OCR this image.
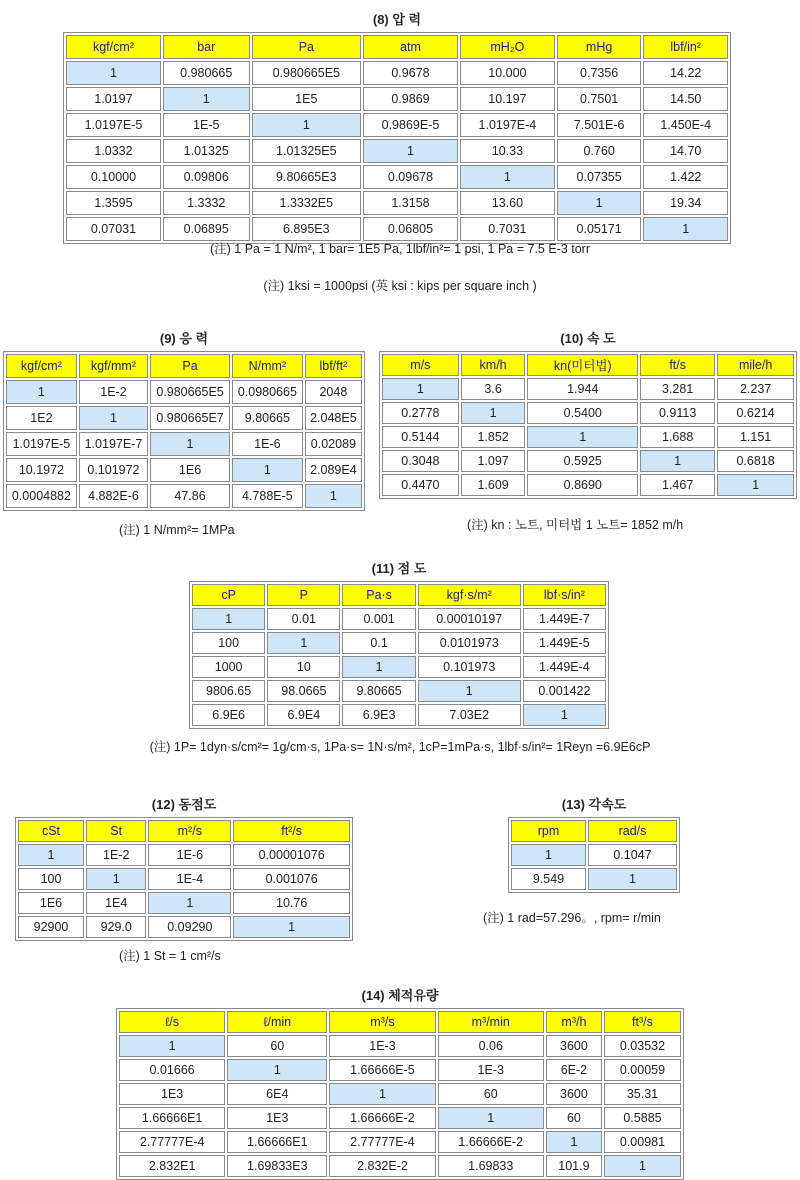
(8) 압 력
kgf/cm²	bar	Pa	atm	mH₂O	mHg	lbf/in²
1	0.980665	0.980665E5	0.9678	10.000	0.7356	14.22
1.0197	1	1E5	0.9869	10.197	0.7501	14.50
1.0197E-5	1E-5	1	0.9869E-5	1.0197E-4	7.501E-6	1.450E-4
1.0332	1.01325	1.01325E5	1	10.33	0.760	14.70
0.10000	0.09806	9.80665E3	0.09678	1	0.07355	1.422
1.3595	1.3332	1.3332E5	1.3158	13.60	1	19.34
0.07031	0.06895	6.895E3	0.06805	0.7031	0.05171	1
(注) 1 Pa = 1 N/m², 1 bar= 1E5 Pa, 1lbf/in²= 1 psi, 1 Pa = 7.5 E-3 torr
(注) 1ksi = 1000psi (英 ksi : kips per square inch )
(9) 응 력
kgf/cm²	kgf/mm²	Pa	N/mm²	lbf/ft²
1	1E-2	0.980665E5	0.0980665	2048
1E2	1	0.980665E7	9.80665	2.048E5
1.0197E-5	1.0197E-7	1	1E-6	0.02089
10.1972	0.101972	1E6	1	2.089E4
0.0004882	4.882E-6	47.86	4.788E-5	1
(注) 1 N/mm²= 1MPa
(10) 속 도
m/s	km/h	kn(미터법)	ft/s	mile/h
1	3.6	1.944	3.281	2.237
0.2778	1	0.5400	0.9113	0.6214
0.5144	1.852	1	1.688	1.151
0.3048	1.097	0.5925	1	0.6818
0.4470	1.609	0.8690	1.467	1
(注) kn : 노트, 미터법 1 노트= 1852 m/h
(11) 점 도
cP	P	Pa·s	kgf·s/m²	lbf·s/in²
1	0.01	0.001	0.00010197	1.449E-7
100	1	0.1	0.0101973	1.449E-5
1000	10	1	0.101973	1.449E-4
9806.65	98.0665	9.80665	1	0.001422
6.9E6	6.9E4	6.9E3	7.03E2	1
(注) 1P= 1dyn·s/cm²= 1g/cm·s, 1Pa·s= 1N·s/m², 1cP=1mPa·s, 1lbf·s/in²= 1Reyn =6.9E6cP
(12) 동점도
cSt	St	m²/s	ft²/s
1	1E-2	1E-6	0.00001076
100	1	1E-4	0.001076
1E6	1E4	1	10.76
92900	929.0	0.09290	1
(注) 1 St = 1 cm²/s
(13) 각속도
rpm	rad/s
1	0.1047
9.549	1
(注) 1 rad=57.296。, rpm= r/min
(14) 체적유량
ℓ/s	ℓ/min	m³/s	m³/min	m³/h	ft³/s
1	60	1E-3	0.06	3600	0.03532
0.01666	1	1.66666E-5	1E-3	6E-2	0.00059
1E3	6E4	1	60	3600	35.31
1.66666E1	1E3	1.66666E-2	1	60	0.5885
2.77777E-4	1.66666E1	2.77777E-4	1.66666E-2	1	0.00981
2.832E1	1.69833E3	2.832E-2	1.69833	101.9	1
